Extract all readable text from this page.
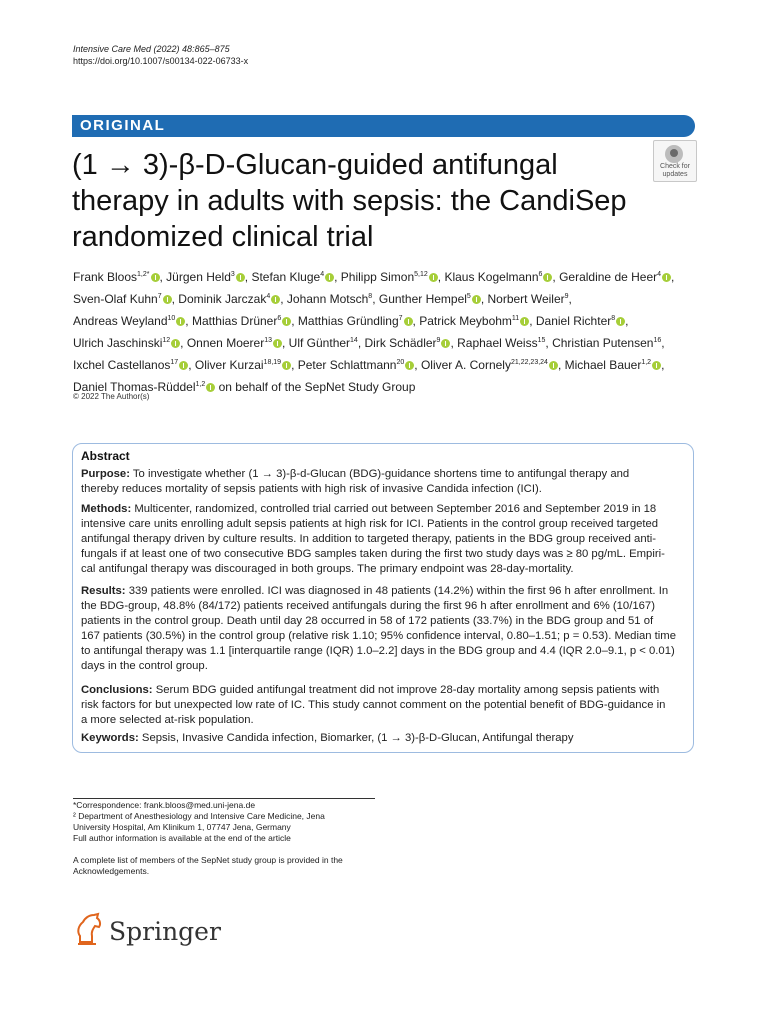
Intensive Care Med (2022) 48:865–875
https://doi.org/10.1007/s00134-022-06733-x
ORIGINAL
Check for updates
(1 → 3)-β-D-Glucan-guided antifungal
therapy in adults with sepsis: the CandiSep
randomized clinical trial
Frank Bloos$^{1,2*}$ , Jürgen Held$^3$ , Stefan Kluge$^4$ , Philipp Simon$^{5,12}$ , Klaus Kogelmann$^6$ , Geraldine de Heer$^4$ ,
Sven-Olaf Kuhn$^7$ , Dominik Jarczak$^4$ , Johann Motsch$^8$, Gunther Hempel$^5$ , Norbert Weiler$^9$,
Andreas Weyland$^{10}$ , Matthias Drüner$^6$ , Matthias Gründling$^7$ , Patrick Meybohm$^{11}$ , Daniel Richter$^8$ ,
Ulrich Jaschinski$^{12}$ , Onnen Moerer$^{13}$ , Ulf Günther$^{14}$, Dirk Schädler$^9$ , Raphael Weiss$^{15}$, Christian Putensen$^{16}$,
Ixchel Castellanos$^{17}$ , Oliver Kurzai$^{18,19}$ , Peter Schlattmann$^{20}$ , Oliver A. Cornely$^{21,22,23,24}$ , Michael Bauer$^{1,2}$ ,
Daniel Thomas-Rüddel$^{1,2}$ on behalf of the SepNet Study Group
© 2022 The Author(s)
Abstract
Purpose: To investigate whether (1 → 3)-β-d-Glucan (BDG)-guidance shortens time to antifungal therapy and
thereby reduces mortality of sepsis patients with high risk of invasive Candida infection (ICI).
Methods: Multicenter, randomized, controlled trial carried out between September 2016 and September 2019 in 18
intensive care units enrolling adult sepsis patients at high risk for ICI. Patients in the control group received targeted
antifungal therapy driven by culture results. In addition to targeted therapy, patients in the BDG group received anti-
fungals if at least one of two consecutive BDG samples taken during the first two study days was ≥ 80 pg/mL. Empiri-
cal antifungal therapy was discouraged in both groups. The primary endpoint was 28-day-mortality.
Results: 339 patients were enrolled. ICI was diagnosed in 48 patients (14.2%) within the first 96 h after enrollment. In
the BDG-group, 48.8% (84/172) patients received antifungals during the first 96 h after enrollment and 6% (10/167)
patients in the control group. Death until day 28 occurred in 58 of 172 patients (33.7%) in the BDG group and 51 of
167 patients (30.5%) in the control group (relative risk 1.10; 95% confidence interval, 0.80–1.51; p = 0.53). Median time
to antifungal therapy was 1.1 [interquartile range (IQR) 1.0–2.2] days in the BDG group and 4.4 (IQR 2.0–9.1, p < 0.01)
days in the control group.
Conclusions: Serum BDG guided antifungal treatment did not improve 28-day mortality among sepsis patients with
risk factors for but unexpected low rate of IC. This study cannot comment on the potential benefit of BDG-guidance in
a more selected at-risk population.
Keywords: Sepsis, Invasive Candida infection, Biomarker, (1 → 3)-β-D-Glucan, Antifungal therapy
*Correspondence: frank.bloos@med.uni-jena.de
² Department of Anesthesiology and Intensive Care Medicine, Jena
University Hospital, Am Klinikum 1, 07747 Jena, Germany
Full author information is available at the end of the article
A complete list of members of the SepNet study group is provided in the
Acknowledgements.
Springer
